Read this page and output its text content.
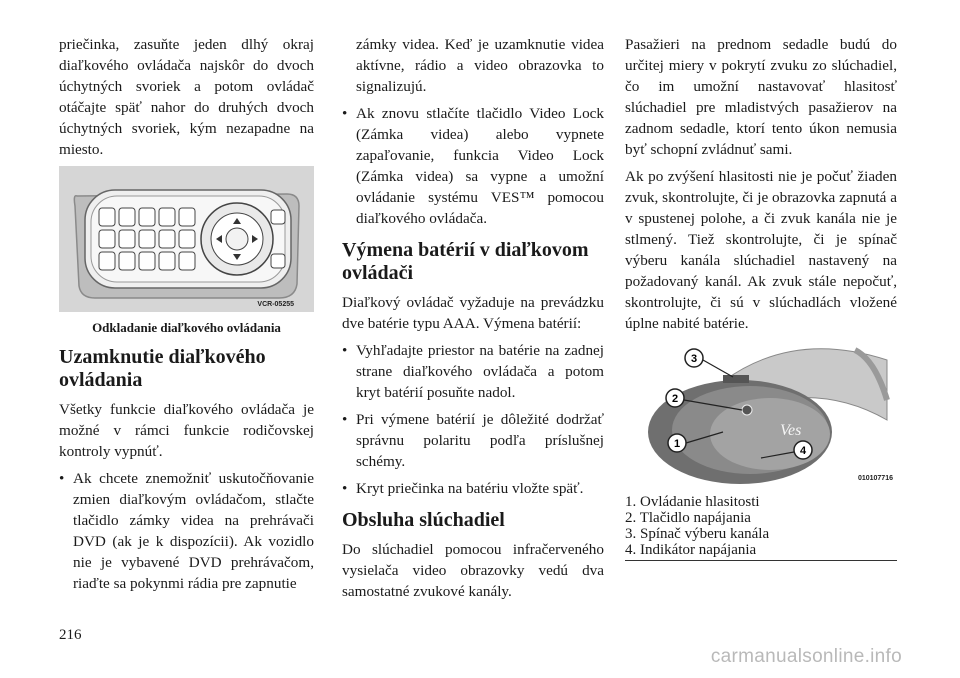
priečinka, zasuňte jeden dlhý okraj diaľkového ovládača najskôr do dvoch úchytných svoriek a potom ovládač otáčajte späť nahor do druhých dvoch úchytných svoriek, kým nezapadne na miesto.

VCR-05255
Odkladanie diaľkového ovládania
Uzamknutie diaľkového ovládania

Všetky funkcie diaľkového ovládača je možné v rámci funkcie rodičovskej kontroly vypnúť.

• Ak chcete znemožniť uskutočňovanie zmien diaľkovým ovládačom, stlačte tlačidlo zámky videa na prehrávači DVD (ak je k dispozícii). Ak vozidlo nie je vybavené DVD prehrávačom, riaďte sa pokynmi rádia pre zapnutie

zámky videa. Keď je uzamknutie videa aktívne, rádio a video obrazovka to signalizujú.

• Ak znovu stlačíte tlačidlo Video Lock (Zámka videa) alebo vypnete zapaľovanie, funkcia Video Lock (Zámka videa) sa vypne a umožní ovládanie systému VES™ pomocou diaľkového ovládača.
Výmena batérií v diaľkovom ovládači

Diaľkový ovládač vyžaduje na prevádzku dve batérie typu AAA. Výmena batérií:

• Vyhľadajte priestor na batérie na zadnej strane diaľkového ovládača a potom kryt batérií posuňte nadol.
• Pri výmene batérií je dôležité dodržať správnu polaritu podľa príslušnej schémy.
• Kryt priečinka na batériu vložte späť.
Obsluha slúchadiel

Do slúchadiel pomocou infračerveného vysielača video obrazovky vedú dva samostatné zvukové kanály.

Pasažieri na prednom sedadle budú do určitej miery v pokrytí zvuku zo slúchadiel, čo im umožní nastavovať hlasitosť slúchadiel pre mladistvých pasažierov na zadnom sedadle, ktorí tento úkon nemusia byť schopní zvládnuť sami.

Ak po zvýšení hlasitosti nie je počuť žiaden zvuk, skontrolujte, či je obrazovka zapnutá a v spustenej polohe, a či zvuk kanála nie je stlmený. Tiež skontrolujte, či je spínač výberu kanála slúchadiel nastavený na požadovaný kanál. Ak zvuk stále nepočuť, skontrolujte, či sú v slúchadlách vložené úplne nabité batérie.

Ves
3
2
1
4
010107716
1. Ovládanie hlasitosti
2. Tlačidlo napájania
3. Spínač výberu kanála
4. Indikátor napájania
216
carmanualsonline.info
